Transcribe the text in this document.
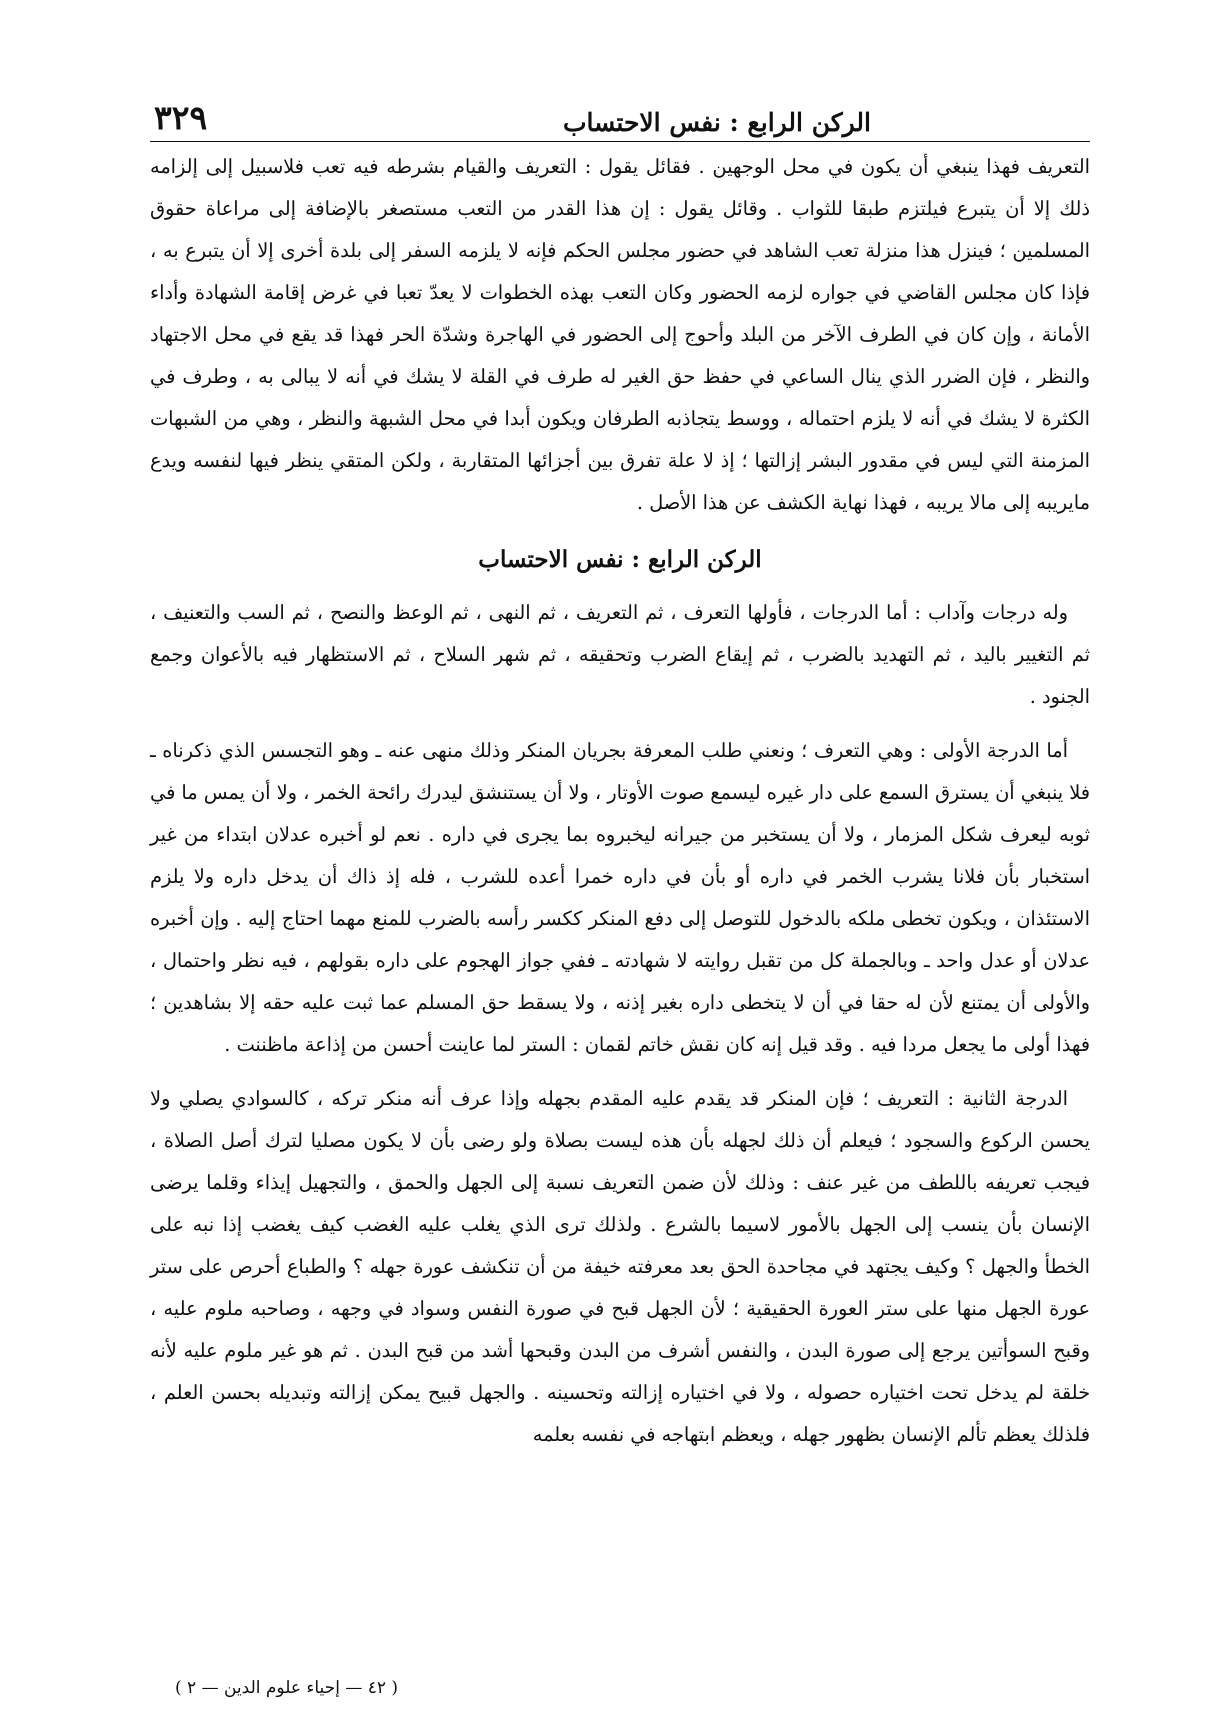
الركن الرابع : نفس الاحتساب
٣٢٩

التعريف فهذا ينبغي أن يكون في محل الوجهين . فقائل يقول : التعريف والقيام بشرطه فيه تعب فلاسبيل إلى إلزامه ذلك إلا أن يتبرع فيلتزم طبقا للثواب . وقائل يقول : إن هذا القدر من التعب مستصغر بالإضافة إلى مراعاة حقوق المسلمين ؛ فينزل هذا منزلة تعب الشاهد في حضور مجلس الحكم فإنه لا يلزمه السفر إلى بلدة أخرى إلا أن يتبرع به ، فإذا كان مجلس القاضي في جواره لزمه الحضور وكان التعب بهذه الخطوات لا يعدّ تعبا في غرض إقامة الشهادة وأداء الأمانة ، وإن كان في الطرف الآخر من البلد وأحوج إلى الحضور في الهاجرة وشدّة الحر فهذا قد يقع في محل الاجتهاد والنظر ، فإن الضرر الذي ينال الساعي في حفظ حق الغير له طرف في القلة لا يشك في أنه لا يبالى به ، وطرف في الكثرة لا يشك في أنه لا يلزم احتماله ، ووسط يتجاذبه الطرفان ويكون أبدا في محل الشبهة والنظر ، وهي من الشبهات المزمنة التي ليس في مقدور البشر إزالتها ؛ إذ لا علة تفرق بين أجزائها المتقاربة ، ولكن المتقي ينظر فيها لنفسه ويدع مايريبه إلى مالا يريبه ، فهذا نهاية الكشف عن هذا الأصل .

الركن الرابع : نفس الاحتساب

وله درجات وآداب : أما الدرجات ، فأولها التعرف ، ثم التعريف ، ثم النهى ، ثم الوعظ والنصح ، ثم السب والتعنيف ، ثم التغيير باليد ، ثم التهديد بالضرب ، ثم إيقاع الضرب وتحقيقه ، ثم شهر السلاح ، ثم الاستظهار فيه بالأعوان وجمع الجنود .

أما الدرجة الأولى : وهي التعرف ؛ ونعني طلب المعرفة بجريان المنكر وذلك منهى عنه ـ وهو التجسس الذي ذكرناه ـ فلا ينبغي أن يسترق السمع على دار غيره ليسمع صوت الأوتار ، ولا أن يستنشق ليدرك رائحة الخمر ، ولا أن يمس ما في ثوبه ليعرف شكل المزمار ، ولا أن يستخبر من جيرانه ليخبروه بما يجرى في داره . نعم لو أخبره عدلان ابتداء من غير استخبار بأن فلانا يشرب الخمر في داره أو بأن في داره خمرا أعده للشرب ، فله إذ ذاك أن يدخل داره ولا يلزم الاستئذان ، ويكون تخطى ملكه بالدخول للتوصل إلى دفع المنكر ككسر رأسه بالضرب للمنع مهما احتاج إليه . وإن أخبره عدلان أو عدل واحد ـ وبالجملة كل من تقبل روايته لا شهادته ـ ففي جواز الهجوم على داره بقولهم ، فيه نظر واحتمال ، والأولى أن يمتنع لأن له حقا في أن لا يتخطى داره بغير إذنه ، ولا يسقط حق المسلم عما ثبت عليه حقه إلا بشاهدين ؛ فهذا أولى ما يجعل مردا فيه . وقد قيل إنه كان نقش خاتم لقمان : الستر لما عاينت أحسن من إذاعة ماظننت .

الدرجة الثانية : التعريف ؛ فإن المنكر قد يقدم عليه المقدم بجهله وإذا عرف أنه منكر تركه ، كالسوادي يصلي ولا يحسن الركوع والسجود ؛ فيعلم أن ذلك لجهله بأن هذه ليست بصلاة ولو رضى بأن لا يكون مصليا لترك أصل الصلاة ، فيجب تعريفه باللطف من غير عنف : وذلك لأن ضمن التعريف نسبة إلى الجهل والحمق ، والتجهيل إيذاء وقلما يرضى الإنسان بأن ينسب إلى الجهل بالأمور لاسيما بالشرع . ولذلك ترى الذي يغلب عليه الغضب كيف يغضب إذا نبه على الخطأ والجهل ؟ وكيف يجتهد في مجاحدة الحق بعد معرفته خيفة من أن تنكشف عورة جهله ؟ والطباع أحرص على ستر عورة الجهل منها على ستر العورة الحقيقية ؛ لأن الجهل قبح في صورة النفس وسواد في وجهه ، وصاحبه ملوم عليه ، وقبح السوأتين يرجع إلى صورة البدن ، والنفس أشرف من البدن وقبحها أشد من قبح البدن . ثم هو غير ملوم عليه لأنه خلقة لم يدخل تحت اختياره حصوله ، ولا في اختياره إزالته وتحسينه . والجهل قبيح يمكن إزالته وتبديله بحسن العلم ، فلذلك يعظم تألم الإنسان بظهور جهله ، ويعظم ابتهاجه في نفسه بعلمه

( ٤٢ — إحياء علوم الدين — ٢ )
